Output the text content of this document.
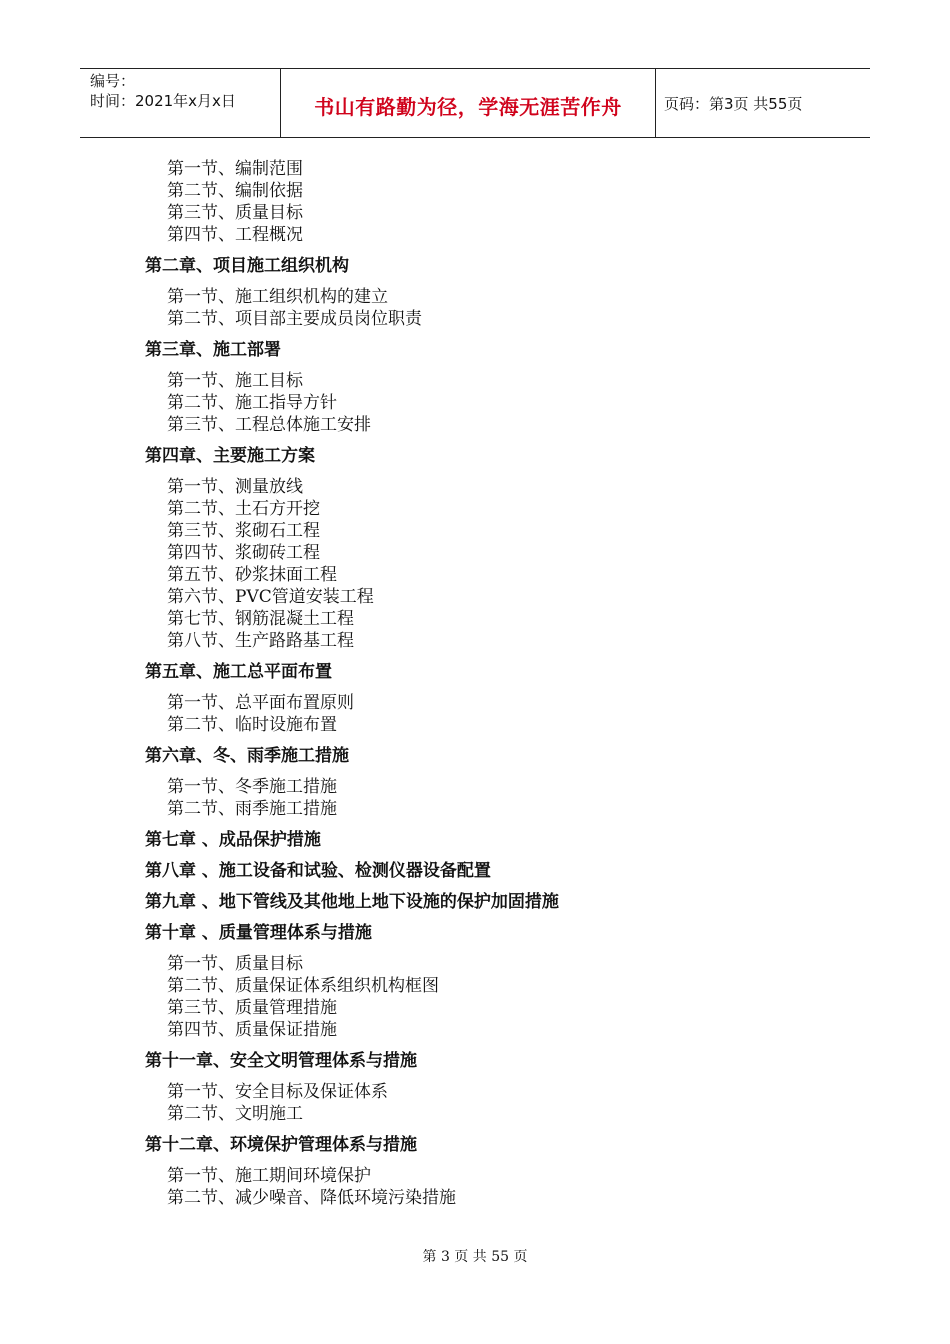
编号：
时间：2021年x月x日	书山有路勤为径，学海无涯苦作舟	页码：第3页 共55页
第一节、编制范围
第二节、编制依据
第三节、质量目标
第四节、工程概况
第二章、项目施工组织机构
第一节、施工组织机构的建立
第二节、项目部主要成员岗位职责
第三章、施工部署
第一节、施工目标
第二节、施工指导方针
第三节、工程总体施工安排
第四章、主要施工方案
第一节、测量放线
第二节、土石方开挖
第三节、浆砌石工程
第四节、浆砌砖工程
第五节、砂浆抹面工程
第六节、PVC管道安装工程
第七节、钢筋混凝土工程
第八节、生产路路基工程
第五章、施工总平面布置
第一节、总平面布置原则
第二节、临时设施布置
第六章、冬、雨季施工措施
第一节、冬季施工措施
第二节、雨季施工措施
第七章 、成品保护措施
第八章 、施工设备和试验、检测仪器设备配置
第九章 、地下管线及其他地上地下设施的保护加固措施
第十章 、质量管理体系与措施
第一节、质量目标
第二节、质量保证体系组织机构框图
第三节、质量管理措施
第四节、质量保证措施
第十一章、安全文明管理体系与措施
第一节、安全目标及保证体系
第二节、文明施工
第十二章、环境保护管理体系与措施
第一节、施工期间环境保护
第二节、减少噪音、降低环境污染措施
第 3 页 共 55 页
